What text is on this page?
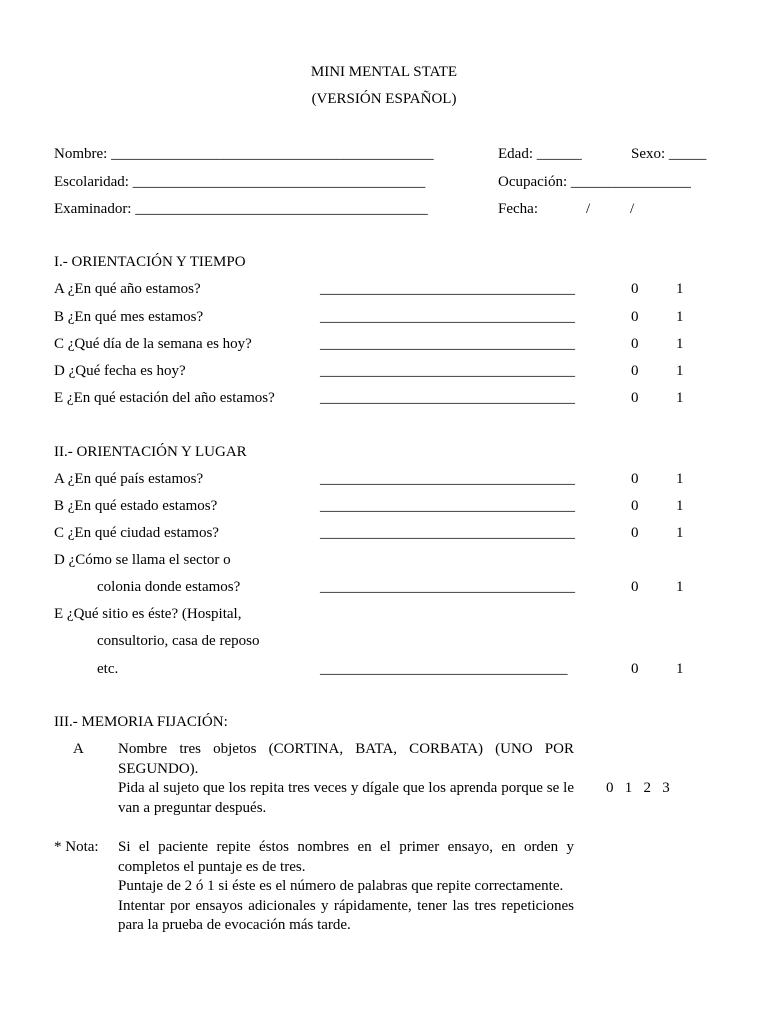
MINI MENTAL STATE
(VERSIÓN ESPAÑOL)
Nombre: ___________________________________________	Edad: ______	Sexo: _____
Escolaridad: _______________________________________	Ocupación: ________________
Examinador: _______________________________________	Fecha:	/	/
I.- ORIENTACIÓN Y TIEMPO
A ¿En qué año estamos?	__________________________________	0	1
B ¿En qué mes estamos?	__________________________________	0	1
C ¿Qué día de la semana es hoy?	__________________________________	0	1
D ¿Qué fecha es hoy?	__________________________________	0	1
E ¿En qué estación del año estamos?	__________________________________	0	1
II.- ORIENTACIÓN Y LUGAR
A ¿En qué país estamos?	__________________________________	0	1
B ¿En qué estado estamos?	__________________________________	0	1
C ¿En qué ciudad estamos?	__________________________________	0	1
D ¿Cómo se llama el sector o
colonia donde estamos?	__________________________________	0	1
E ¿Qué sitio es éste? (Hospital,
consultorio, casa de reposo
etc.	_________________________________	0	1
III.- MEMORIA FIJACIÓN:
A Nombre tres objetos (CORTINA, BATA, CORBATA) (UNO POR SEGUNDO).
Pida al sujeto que los repita tres veces y dígale que los aprenda porque se le van a preguntar después.
0   1   2   3
* Nota: Si el paciente repite éstos nombres en el primer ensayo, en orden y completos el puntaje es de tres.
Puntaje de 2 ó 1 si éste es el número de palabras que repite correctamente.
Intentar por ensayos adicionales y rápidamente, tener las tres repeticiones para la prueba de evocación más tarde.
